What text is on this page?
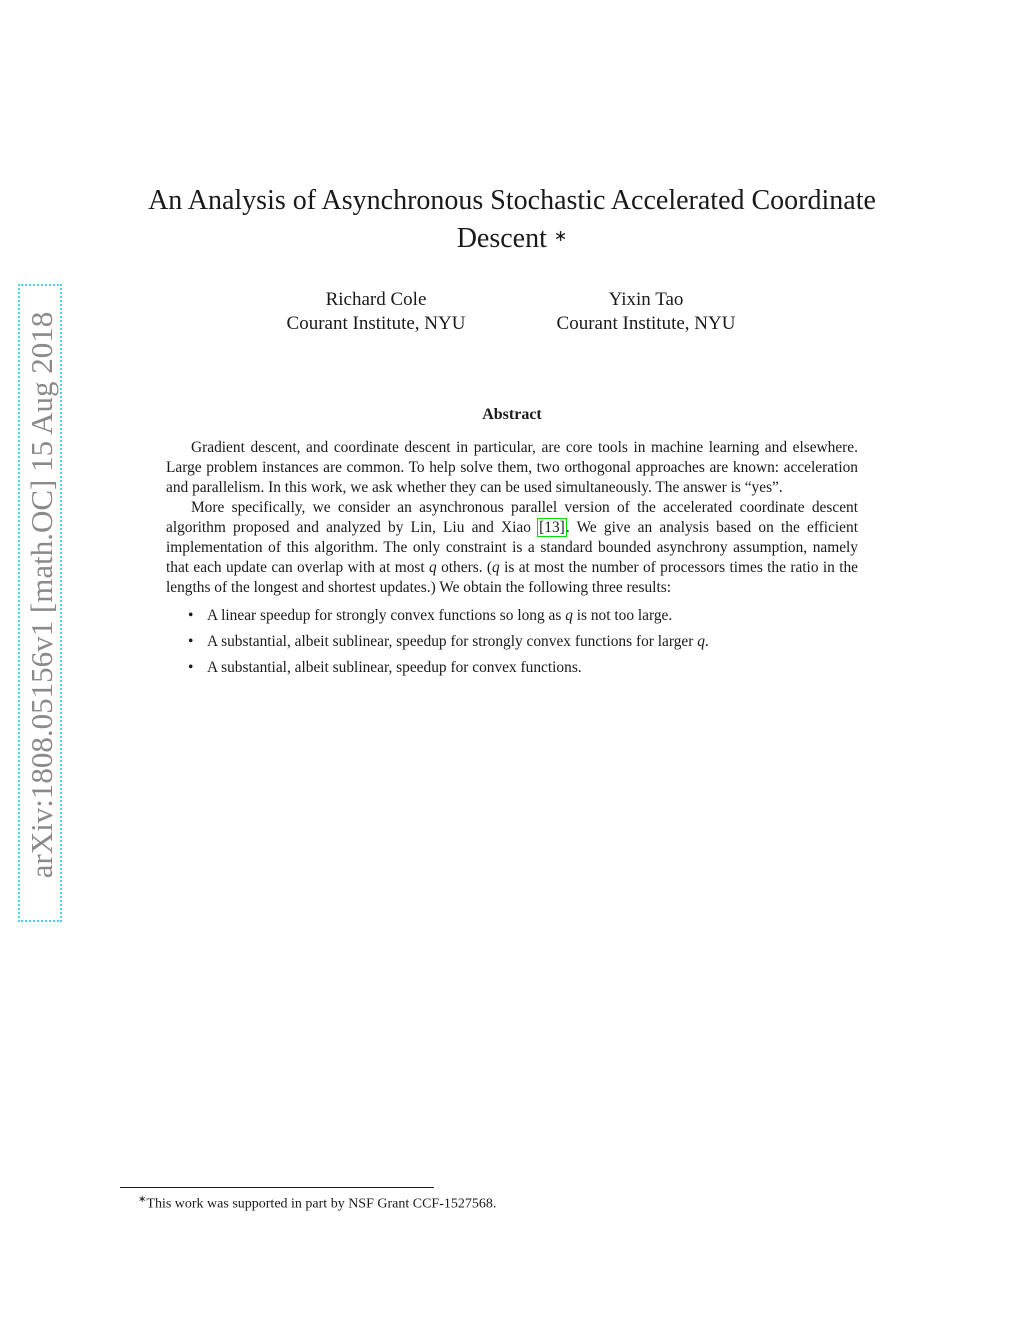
arXiv:1808.05156v1 [math.OC] 15 Aug 2018
An Analysis of Asynchronous Stochastic Accelerated Coordinate
Descent ∗
Richard Cole
Courant Institute, NYU
Yixin Tao
Courant Institute, NYU
Abstract

Gradient descent, and coordinate descent in particular, are core tools in machine learning and elsewhere. Large problem instances are common. To help solve them, two orthogonal approaches are known: acceleration and parallelism. In this work, we ask whether they can be used simultaneously. The answer is “yes”.

More specifically, we consider an asynchronous parallel version of the accelerated coordinate descent algorithm proposed and analyzed by Lin, Liu and Xiao [13]. We give an analysis based on the efficient implementation of this algorithm. The only constraint is a standard bounded asynchrony assumption, namely that each update can overlap with at most q others. (q is at most the number of processors times the ratio in the lengths of the longest and shortest updates.) We obtain the following three results:

• A linear speedup for strongly convex functions so long as q is not too large.
• A substantial, albeit sublinear, speedup for strongly convex functions for larger q.
• A substantial, albeit sublinear, speedup for convex functions.
∗This work was supported in part by NSF Grant CCF-1527568.
